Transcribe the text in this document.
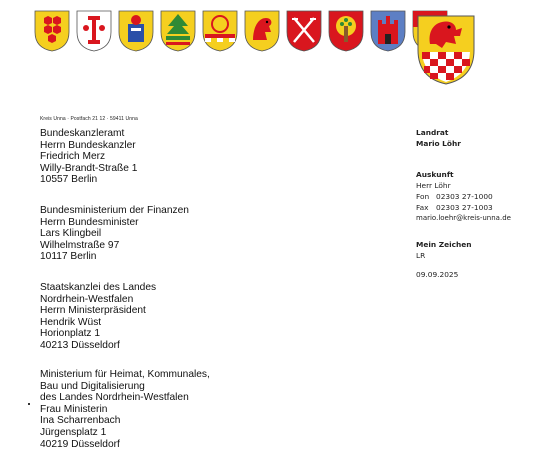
Kreis Unna · Postfach 21 12 · 59411 Unna
Bundeskanzleramt
Herrn Bundeskanzler
Friedrich Merz
Willy-Brandt-Straße 1
10557 Berlin
Bundesministerium der Finanzen
Herrn Bundesminister
Lars Klingbeil
Wilhelmstraße 97
10117 Berlin
Staatskanzlei des Landes
Nordrhein-Westfalen
Herrn Ministerpräsident
Hendrik Wüst
Horionplatz 1
40213 Düsseldorf
Ministerium für Heimat, Kommunales,
Bau und Digitalisierung
des Landes Nordrhein-Westfalen
Frau Ministerin
Ina Scharrenbach
Jürgensplatz 1
40219 Düsseldorf
Landrat
Mario Löhr
Auskunft
Herr Löhr
Fon 02303 27-1000
Fax	02303 27-1003
mario.loehr@kreis-unna.de
Mein Zeichen
LR
09.09.2025
